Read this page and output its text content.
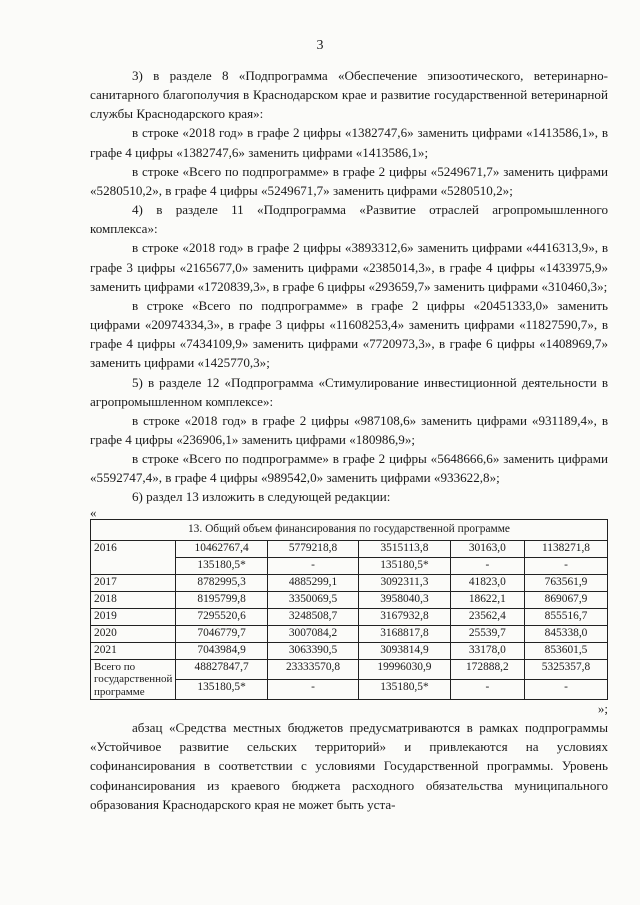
3

3) в разделе 8 «Подпрограмма «Обеспечение эпизоотического, ветеринарно-санитарного благополучия в Краснодарском крае и развитие государственной ветеринарной службы Краснодарского края»:

в строке «2018 год» в графе 2 цифры «1382747,6» заменить цифрами «1413586,1», в графе 4 цифры «1382747,6» заменить цифрами «1413586,1»;

в строке «Всего по подпрограмме» в графе 2 цифры «5249671,7» заменить цифрами «5280510,2», в графе 4 цифры «5249671,7» заменить цифрами «5280510,2»;

4) в разделе 11 «Подпрограмма «Развитие отраслей агропромышленного комплекса»:

в строке «2018 год» в графе 2 цифры «3893312,6» заменить цифрами «4416313,9», в графе 3 цифры «2165677,0» заменить цифрами «2385014,3», в графе 4 цифры «1433975,9» заменить цифрами «1720839,3», в графе 6 цифры «293659,7» заменить цифрами «310460,3»;

в строке «Всего по подпрограмме» в графе 2 цифры «20451333,0» заменить цифрами «20974334,3», в графе 3 цифры «11608253,4» заменить цифрами «11827590,7», в графе 4 цифры «7434109,9» заменить цифрами «7720973,3», в графе 6 цифры «1408969,7» заменить цифрами «1425770,3»;

5) в разделе 12 «Подпрограмма «Стимулирование инвестиционной деятельности в агропромышленном комплексе»:

в строке «2018 год» в графе 2 цифры «987108,6» заменить цифрами «931189,4», в графе 4 цифры «236906,1» заменить цифрами «180986,9»;

в строке «Всего по подпрограмме» в графе 2 цифры «5648666,6» заменить цифрами «5592747,4», в графе 4 цифры «989542,0» заменить цифрами «933622,8»;

6) раздел 13 изложить в следующей редакции:

«
13. Общий объем финансирования по государственной программе					
2016	10462767,4	5779218,8	3515113,8	30163,0	1138271,8
	135180,5*	-	135180,5*	-	-
2017	8782995,3	4885299,1	3092311,3	41823,0	763561,9
2018	8195799,8	3350069,5	3958040,3	18622,1	869067,9
2019	7295520,6	3248508,7	3167932,8	23562,4	855516,7
2020	7046779,7	3007084,2	3168817,8	25539,7	845338,0
2021	7043984,9	3063390,5	3093814,9	33178,0	853601,5
Всего по государственной программе	48827847,7	23333570,8	19996030,9	172888,2	5325357,8
	135180,5*	-	135180,5*	-	-
»;

абзац «Средства местных бюджетов предусматриваются в рамках подпрограммы «Устойчивое развитие сельских территорий» и привлекаются на условиях софинансирования в соответствии с условиями Государственной программы. Уровень софинансирования из краевого бюджета расходного обязательства муниципального образования Краснодарского края не может быть уста-
